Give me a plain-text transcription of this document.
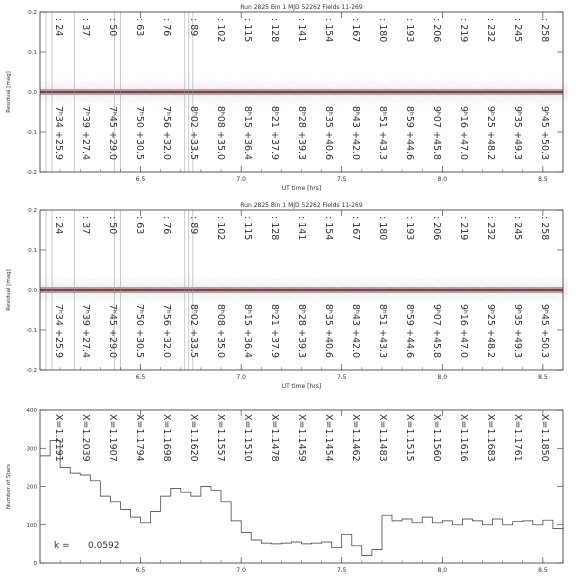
: 24 : 37 : 50 : 63 : 76 : 89 : 102 : 115 : 128 : 141 : 154 : 167 : 180 : 193 : 206 : 219 : 232 : 245 : 258
7ʰ34 +25.9 7ʰ39 +27.4 7ʰ45 +29.0 7ʰ50 +30.5 7ʰ56 +32.0 8ʰ02 +33.5 8ʰ08 +35.0 8ʰ15 +36.4 8ʰ21 +37.9 8ʰ28 +39.3 8ʰ35 +40.6 8ʰ43 +42.0 8ʰ51 +43.3 8ʰ59 +44.6 9ʰ07 +45.8 9ʰ16 +47.0 9ʰ25 +48.2 9ʰ35 +49.3 9ʰ45 +50.3
6.5	7.0	7.5	8.0	8.5
-0.2
-0.1
0.0
0.1
0.2
UT time [hrs]
Residual [mag]
Run 2825 Bin 1 MJD 52262 Fields 11-269
: 24 : 37 : 50 : 63 : 76 : 89 : 102 : 115 : 128 : 141 : 154 : 167 : 180 : 193 : 206 : 219 : 232 : 245 : 258
7ʰ34 +25.9 7ʰ39 +27.4 7ʰ45 +29.0 7ʰ50 +30.5 7ʰ56 +32.0 8ʰ02 +33.5 8ʰ08 +35.0 8ʰ15 +36.4 8ʰ21 +37.9 8ʰ28 +39.3 8ʰ35 +40.6 8ʰ43 +42.0 8ʰ51 +43.3 8ʰ59 +44.6 9ʰ07 +45.8 9ʰ16 +47.0 9ʰ25 +48.2 9ʰ35 +49.3 9ʰ45 +50.3
6.5	7.0	7.5	8.0	8.5
-0.2
-0.1
0.0
0.1
0.2
UT time [hrs]
Residual [mag]
Run 2825 Bin 1 MJD 52262 Fields 11-269
X=1.2191 X=1.2039 X=1.1907 X=1.1794 X=1.1698 X=1.1620 X=1.1557 X=1.1510 X=1.1478 X=1.1459 X=1.1454 X=1.1462 X=1.1483 X=1.1515 X=1.1560 X=1.1616 X=1.1683 X=1.1761 X=1.1850
k = 0.0592
6.5	7.0	7.5	8.0	8.5
0
100
200
300
400
Number of Stars
